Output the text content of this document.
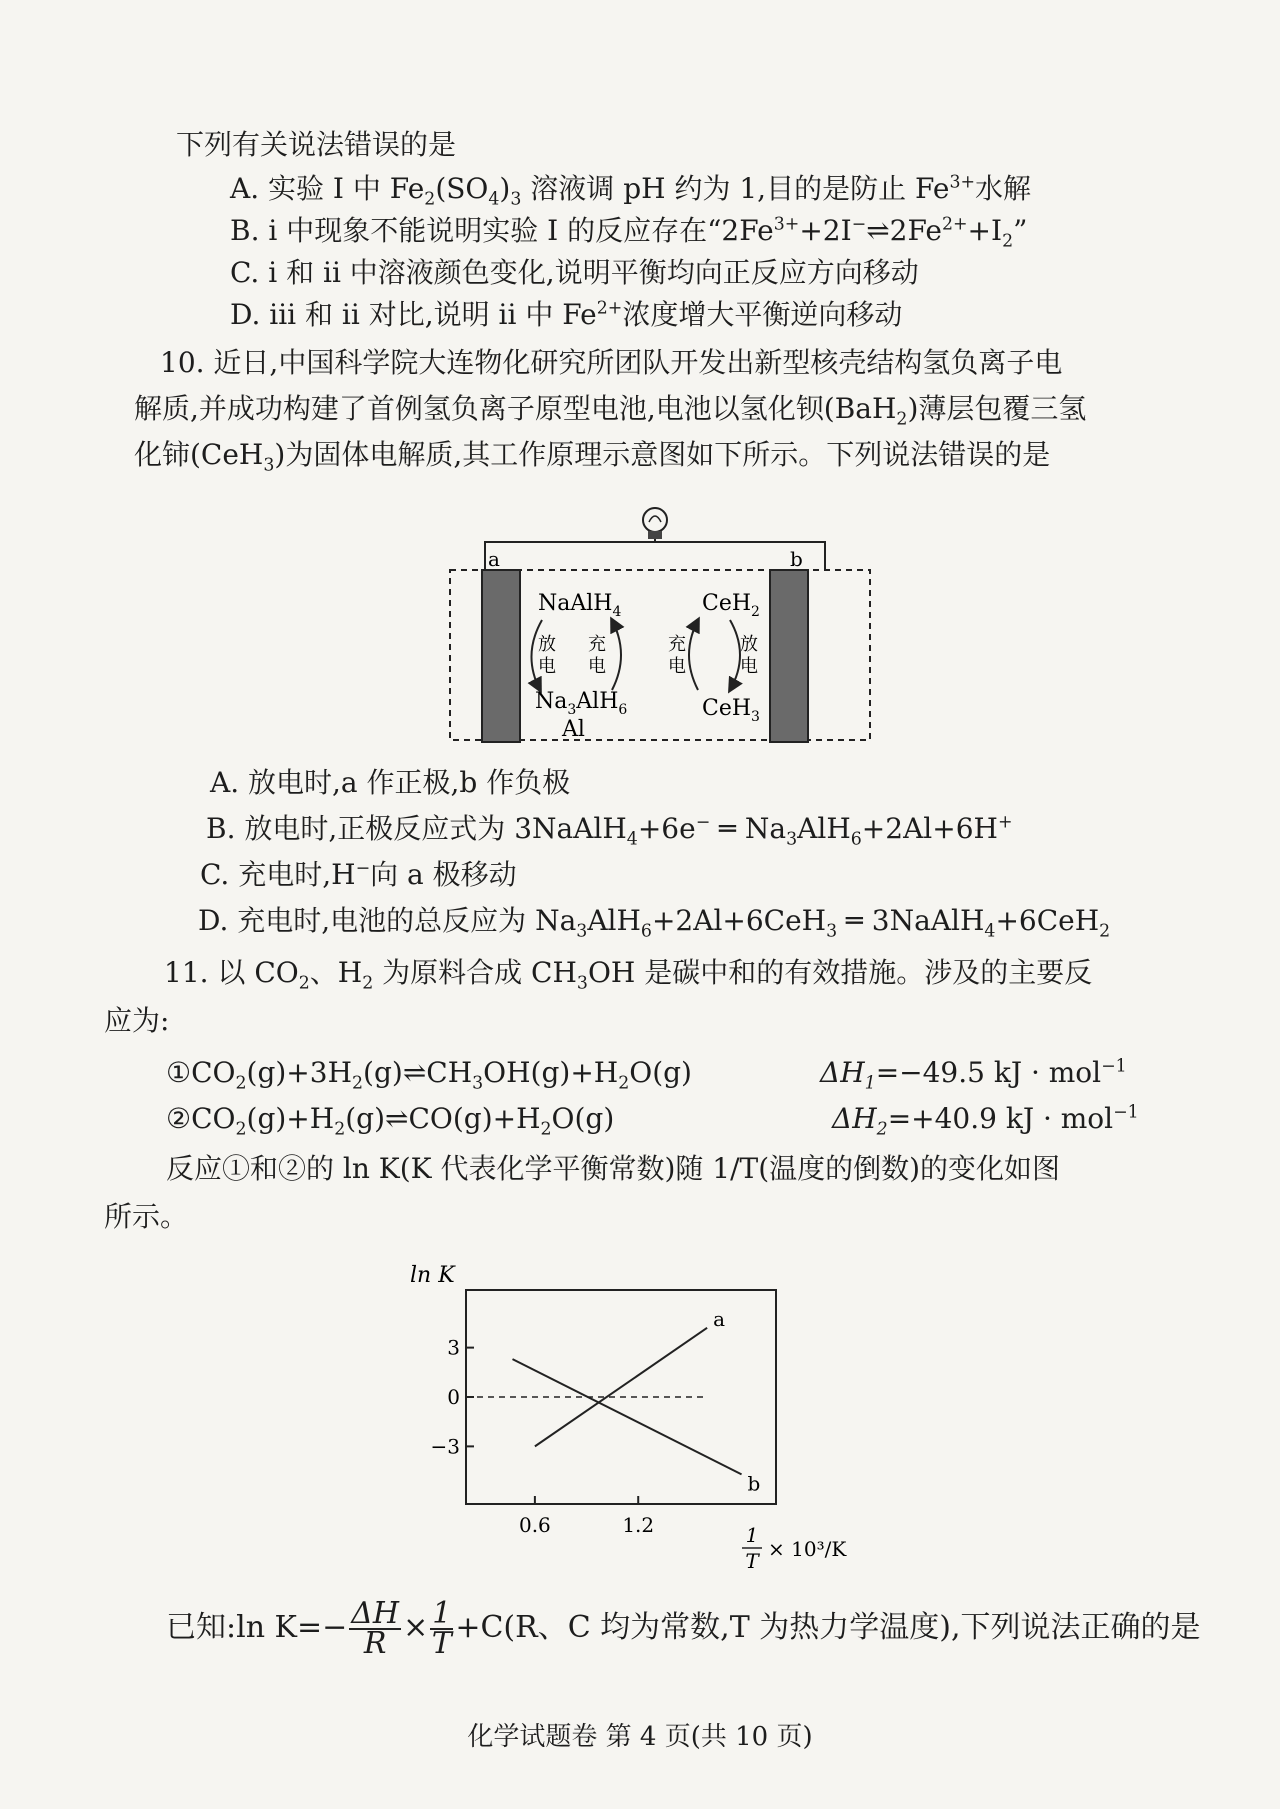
下列有关说法错误的是
A. 实验 I 中 $Fe_2(SO_4)_3$ 溶液调 pH 约为 1,目的是防止 $Fe^{3+}$水解
B. i 中现象不能说明实验 I 的反应存在“$2Fe^{3+}+2I^-\rightleftharpoons 2Fe^{2+}+I_2$”
C. i 和 ii 中溶液颜色变化,说明平衡均向正反应方向移动
D. iii 和 ii 对比,说明 ii 中 $Fe^{2+}$浓度增大平衡逆向移动
10. 近日,中国科学院大连物化研究所团队开发出新型核壳结构氢负离子电
解质,并成功构建了首例氢负离子原型电池,电池以氢化钡(BaH$_2$)薄层包覆三氢
化铈(CeH$_3$)为固体电解质,其工作原理示意图如下所示。下列说法错误的是
a	b
NaAlH$_4$
$Na_3AlH_6$
Al
放
电
充
电
CeH$_2$
CeH$_3$
充
电
放
电
A. 放电时,a 作正极,b 作负极
B. 放电时,正极反应式为 3NaAlH$_4$+6e− ═ $Na_3AlH_6+2Al+6H^+$
C. 充电时,H−向 a 极移动
D. 充电时,电池的总反应为 $Na_3AlH_6+2Al+6CeH_3$ ═ 3NaAlH$_4$+6CeH$_2$
11. 以 $CO_2$、$H_2$ 为原料合成 $CH_3OH$ 是碳中和的有效措施。涉及的主要反
应为:
$①CO_2(g)+3H_2(g)\rightleftharpoons CH_3OH(g)+H_2O(g)$	$\Delta H_1=-49.5$ kJ · mol$^{-1}$
$②CO_2(g)+H_2(g)\rightleftharpoons CO(g)+H_2O(g)$	$\Delta H_2=+40.9$ kJ · mol$^{-1}$
反应①和②的 ln K(K 代表化学平衡常数)随 1/T(温度的倒数)的变化如图
所示。
ln K
3
0
−3
0.6	1.2
a
b
1
T × 10³/K
已知:ln $K=- \frac{\Delta H}{R} \times \frac{1}{T} +C(R$、C 均为常数,T 为热力学温度),下列说法正确的是
化学试题卷 第 4 页(共 10 页)
